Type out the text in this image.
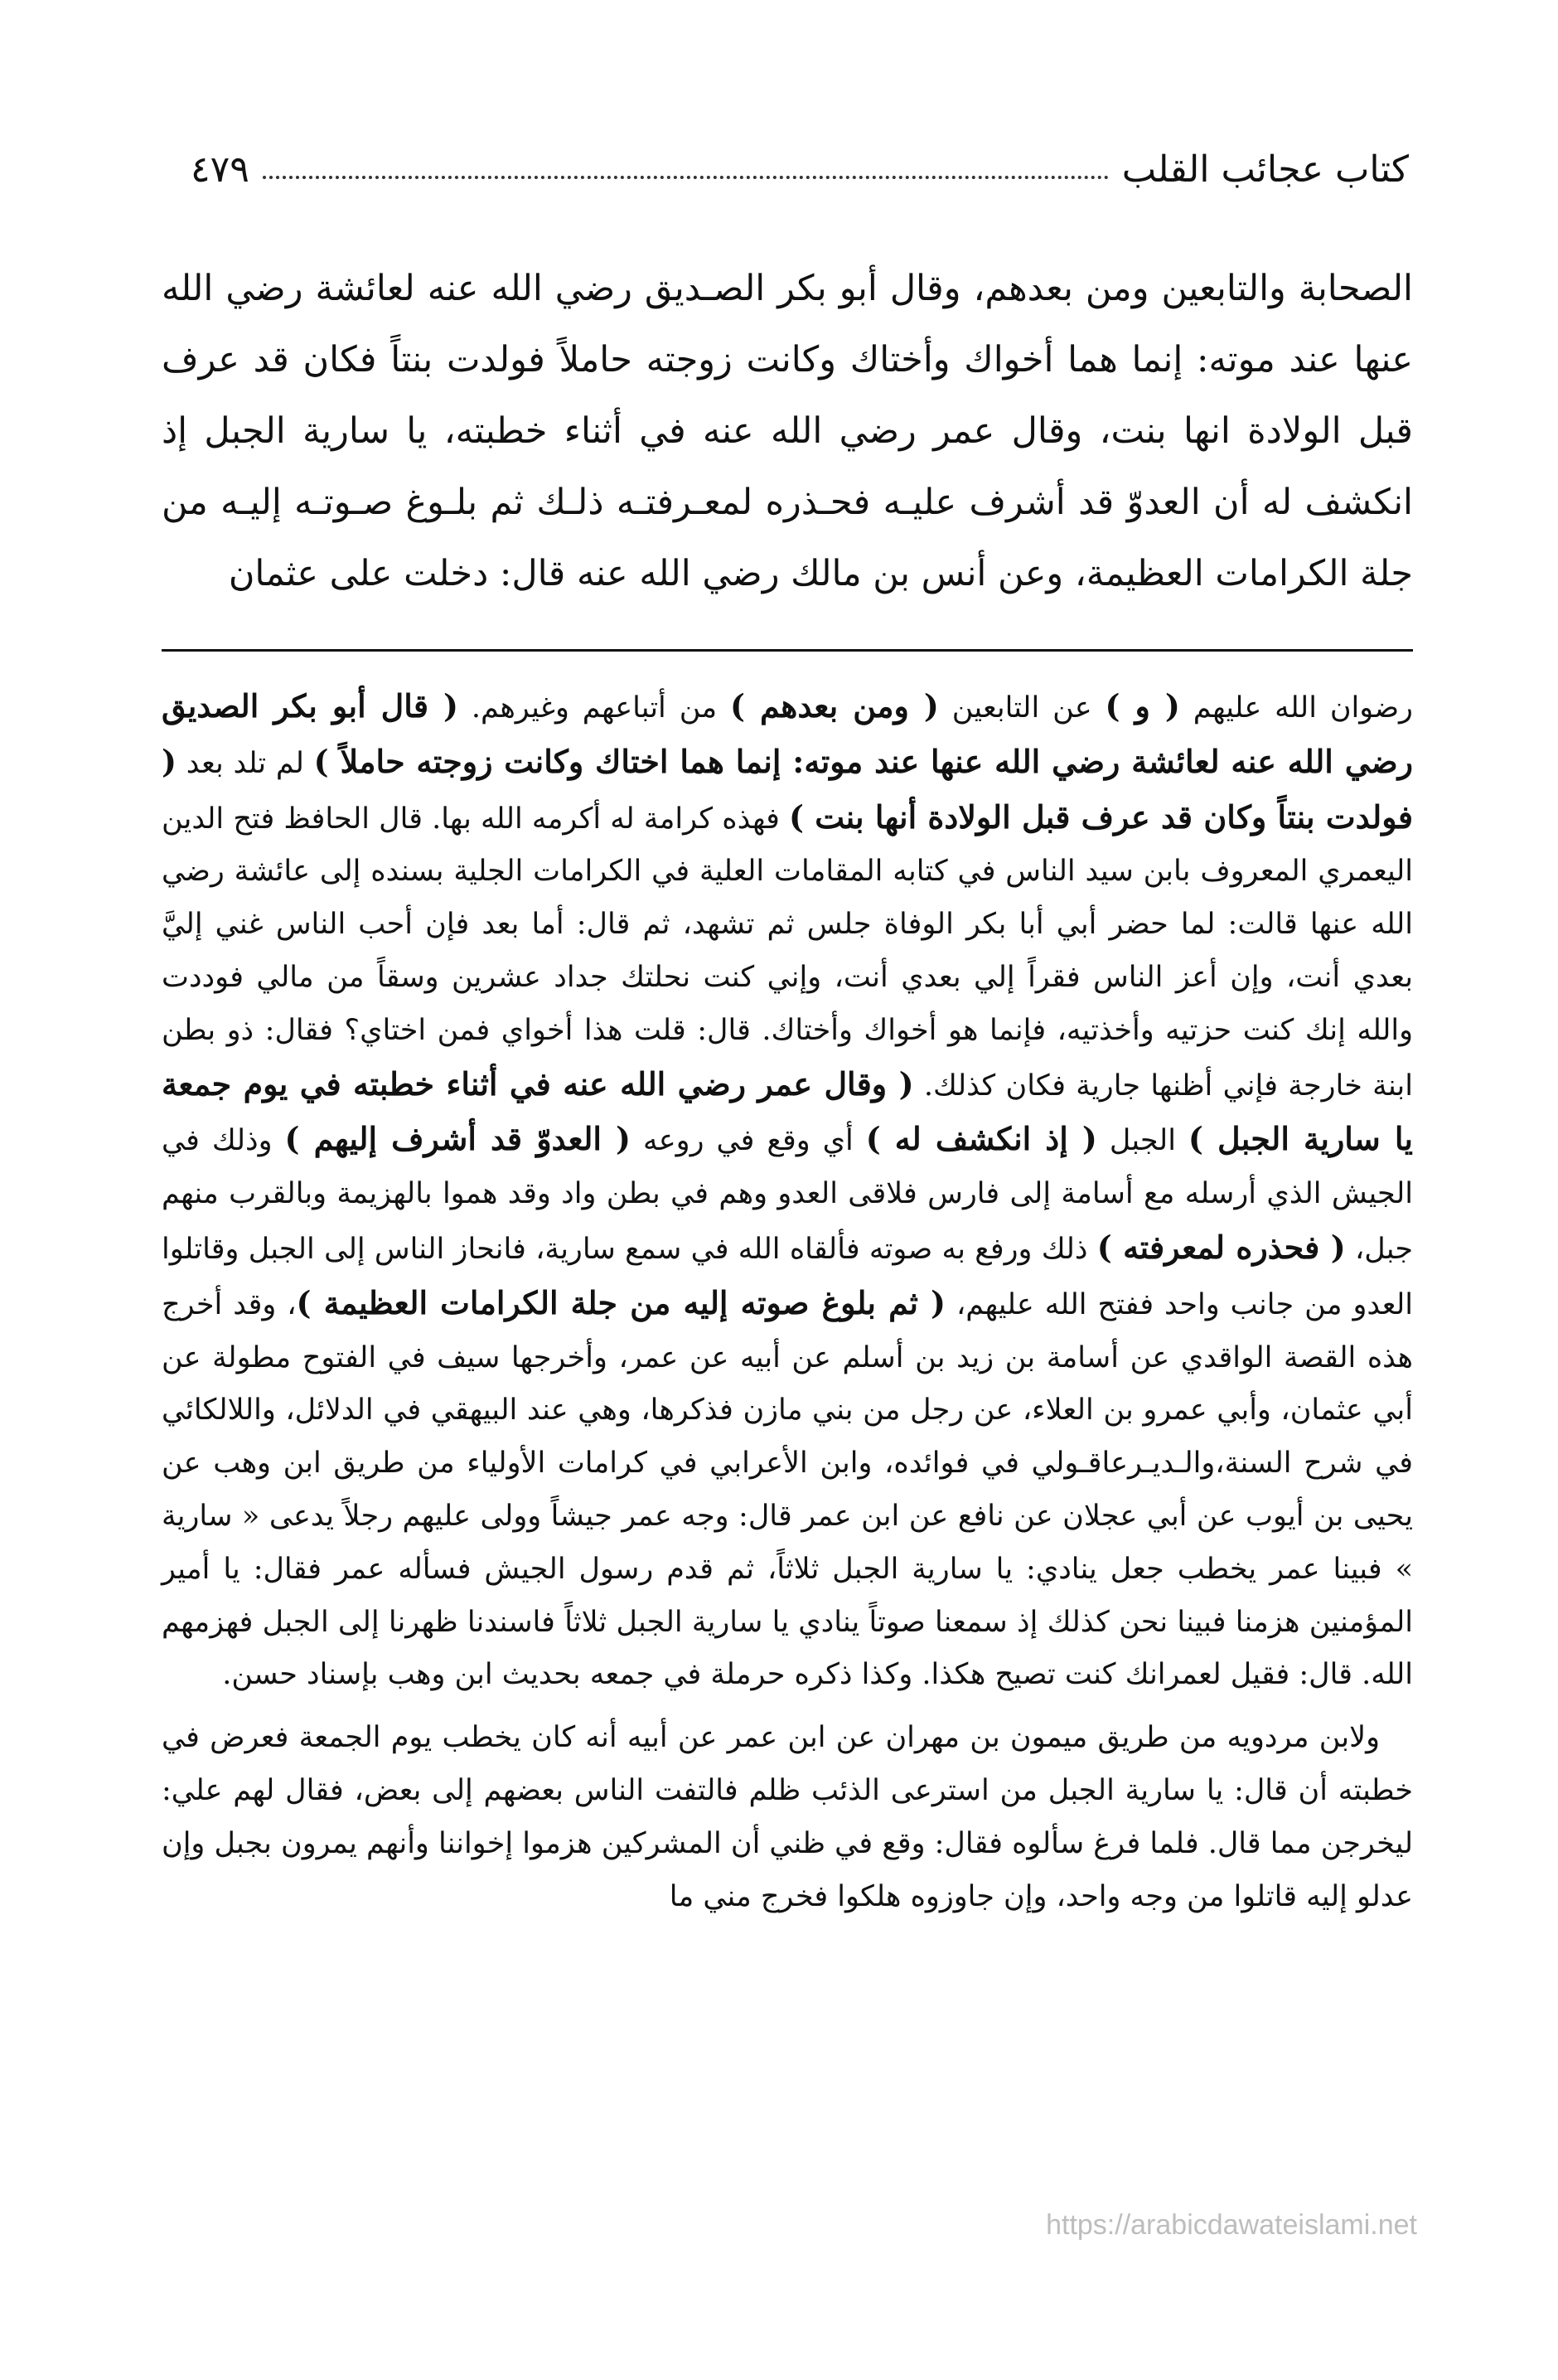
كتاب عجائب القلب
٤٧٩

الصحابة والتابعين ومن بعدهم، وقال أبو بكر الصـديق رضي الله عنه لعائشة رضي الله عنها عند موته: إنما هما أخواك وأختاك وكانت زوجته حاملاً فولدت بنتاً فكان قد عرف قبل الولادة انها بنت، وقال عمر رضي الله عنه في أثناء خطبته، يا سارية الجبل إذ انكشف له أن العدوّ قد أشرف عليـه فحـذره لمعـرفتـه ذلـك ثم بلـوغ صـوتـه إليـه من جلة الكرامات العظيمة، وعن أنس بن مالك رضي الله عنه قال: دخلت على عثمان

رضوان الله عليهم ( و ) عن التابعين ( ومن بعدهم ) من أتباعهم وغيرهم. ( قال أبو بكر الصديق رضي الله عنه لعائشة رضي الله عنها عند موته: إنما هما اختاك وكانت زوجته حاملاً ) لم تلد بعد ( فولدت بنتاً وكان قد عرف قبل الولادة أنها بنت ) فهذه كرامة له أكرمه الله بها. قال الحافظ فتح الدين اليعمري المعروف بابن سيد الناس في كتابه المقامات العلية في الكرامات الجلية بسنده إلى عائشة رضي الله عنها قالت: لما حضر أبي أبا بكر الوفاة جلس ثم تشهد، ثم قال: أما بعد فإن أحب الناس غني إليَّ بعدي أنت، وإن أعز الناس فقراً إلي بعدي أنت، وإني كنت نحلتك جداد عشرين وسقاً من مالي فوددت والله إنك كنت حزتيه وأخذتيه، فإنما هو أخواك وأختاك. قال: قلت هذا أخواي فمن اختاي؟ فقال: ذو بطن ابنة خارجة فإني أظنها جارية فكان كذلك. ( وقال عمر رضي الله عنه في أثناء خطبته في يوم جمعة يا سارية الجبل ) الجبل ( إذ انكشف له ) أي وقع في روعه ( العدوّ قد أشرف إليهم ) وذلك في الجيش الذي أرسله مع أسامة إلى فارس فلاقى العدو وهم في بطن واد وقد هموا بالهزيمة وبالقرب منهم جبل، ( فحذره لمعرفته ) ذلك ورفع به صوته فألقاه الله في سمع سارية، فانحاز الناس إلى الجبل وقاتلوا العدو من جانب واحد ففتح الله عليهم، ( ثم بلوغ صوته إليه من جلة الكرامات العظيمة )، وقد أخرج هذه القصة الواقدي عن أسامة بن زيد بن أسلم عن أبيه عن عمر، وأخرجها سيف في الفتوح مطولة عن أبي عثمان، وأبي عمرو بن العلاء، عن رجل من بني مازن فذكرها، وهي عند البيهقي في الدلائل، واللالكائي في شرح السنة،والـديـرعاقـولي في فوائده، وابن الأعرابي في كرامات الأولياء من طريق ابن وهب عن يحيى بن أيوب عن أبي عجلان عن نافع عن ابن عمر قال: وجه عمر جيشاً وولى عليهم رجلاً يدعى « سارية » فبينا عمر يخطب جعل ينادي: يا سارية الجبل ثلاثاً، ثم قدم رسول الجيش فسأله عمر فقال: يا أمير المؤمنين هزمنا فبينا نحن كذلك إذ سمعنا صوتاً ينادي يا سارية الجبل ثلاثاً فاسندنا ظهرنا إلى الجبل فهزمهم الله. قال: فقيل لعمرانك كنت تصيح هكذا. وكذا ذكره حرملة في جمعه بحديث ابن وهب بإسناد حسن.

ولابن مردويه من طريق ميمون بن مهران عن ابن عمر عن أبيه أنه كان يخطب يوم الجمعة فعرض في خطبته أن قال: يا سارية الجبل من استرعى الذئب ظلم فالتفت الناس بعضهم إلى بعض، فقال لهم علي: ليخرجن مما قال. فلما فرغ سألوه فقال: وقع في ظني أن المشركين هزموا إخواننا وأنهم يمرون بجبل وإن عدلو إليه قاتلوا من وجه واحد، وإن جاوزوه هلكوا فخرج مني ما

https://arabicdawateislami.net
